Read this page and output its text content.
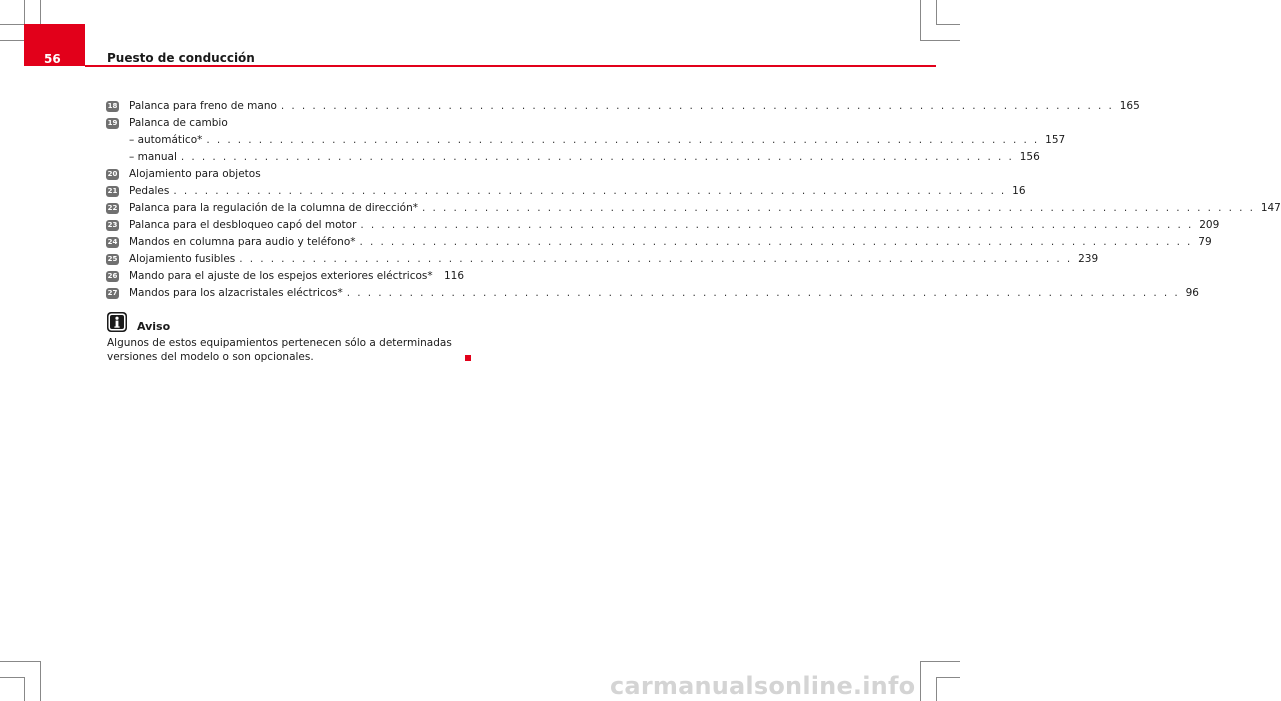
56	Puesto de conducción
18	Palanca para freno de mano . . . . . . . . . . . . . . . . . . . . . . . . . . . . . . . . . . . . . . . . . . . . . . . . . . . . . . . . . . . . . . . . . . . . . . . . . . . . . . . . 165
19	Palanca de cambio
– automático* . . . . . . . . . . . . . . . . . . . . . . . . . . . . . . . . . . . . . . . . . . . . . . . . . . . . . . . . . . . . . . . . . . . . . . . . . . . . . . . . 157
– manual . . . . . . . . . . . . . . . . . . . . . . . . . . . . . . . . . . . . . . . . . . . . . . . . . . . . . . . . . . . . . . . . . . . . . . . . . . . . . . . . 156
20	Alojamiento para objetos
21	Pedales . . . . . . . . . . . . . . . . . . . . . . . . . . . . . . . . . . . . . . . . . . . . . . . . . . . . . . . . . . . . . . . . . . . . . . . . . . . . . . . . 16
22	Palanca para la regulación de la columna de dirección* . . . . . . . . . . . . . . . . . . . . . . . . . . . . . . . . . . . . . . . . . . . . . . . . . . . . . . . . . . . . . . . . . . . . . . . . . . . . . . . . 147
23	Palanca para el desbloqueo capó del motor . . . . . . . . . . . . . . . . . . . . . . . . . . . . . . . . . . . . . . . . . . . . . . . . . . . . . . . . . . . . . . . . . . . . . . . . . . . . . . . . 209
24	Mandos en columna para audio y teléfono* . . . . . . . . . . . . . . . . . . . . . . . . . . . . . . . . . . . . . . . . . . . . . . . . . . . . . . . . . . . . . . . . . . . . . . . . . . . . . . . . 79
25	Alojamiento fusibles . . . . . . . . . . . . . . . . . . . . . . . . . . . . . . . . . . . . . . . . . . . . . . . . . . . . . . . . . . . . . . . . . . . . . . . . . . . . . . . . 239
26	Mando para el ajuste de los espejos exteriores eléctricos* 116
27	Mandos para los alzacristales eléctricos* . . . . . . . . . . . . . . . . . . . . . . . . . . . . . . . . . . . . . . . . . . . . . . . . . . . . . . . . . . . . . . . . . . . . . . . . . . . . . . . . 96
Aviso
Algunos de estos equipamientos pertenecen sólo a determinadas versiones del modelo o son opcionales.
carmanualsonline.info
